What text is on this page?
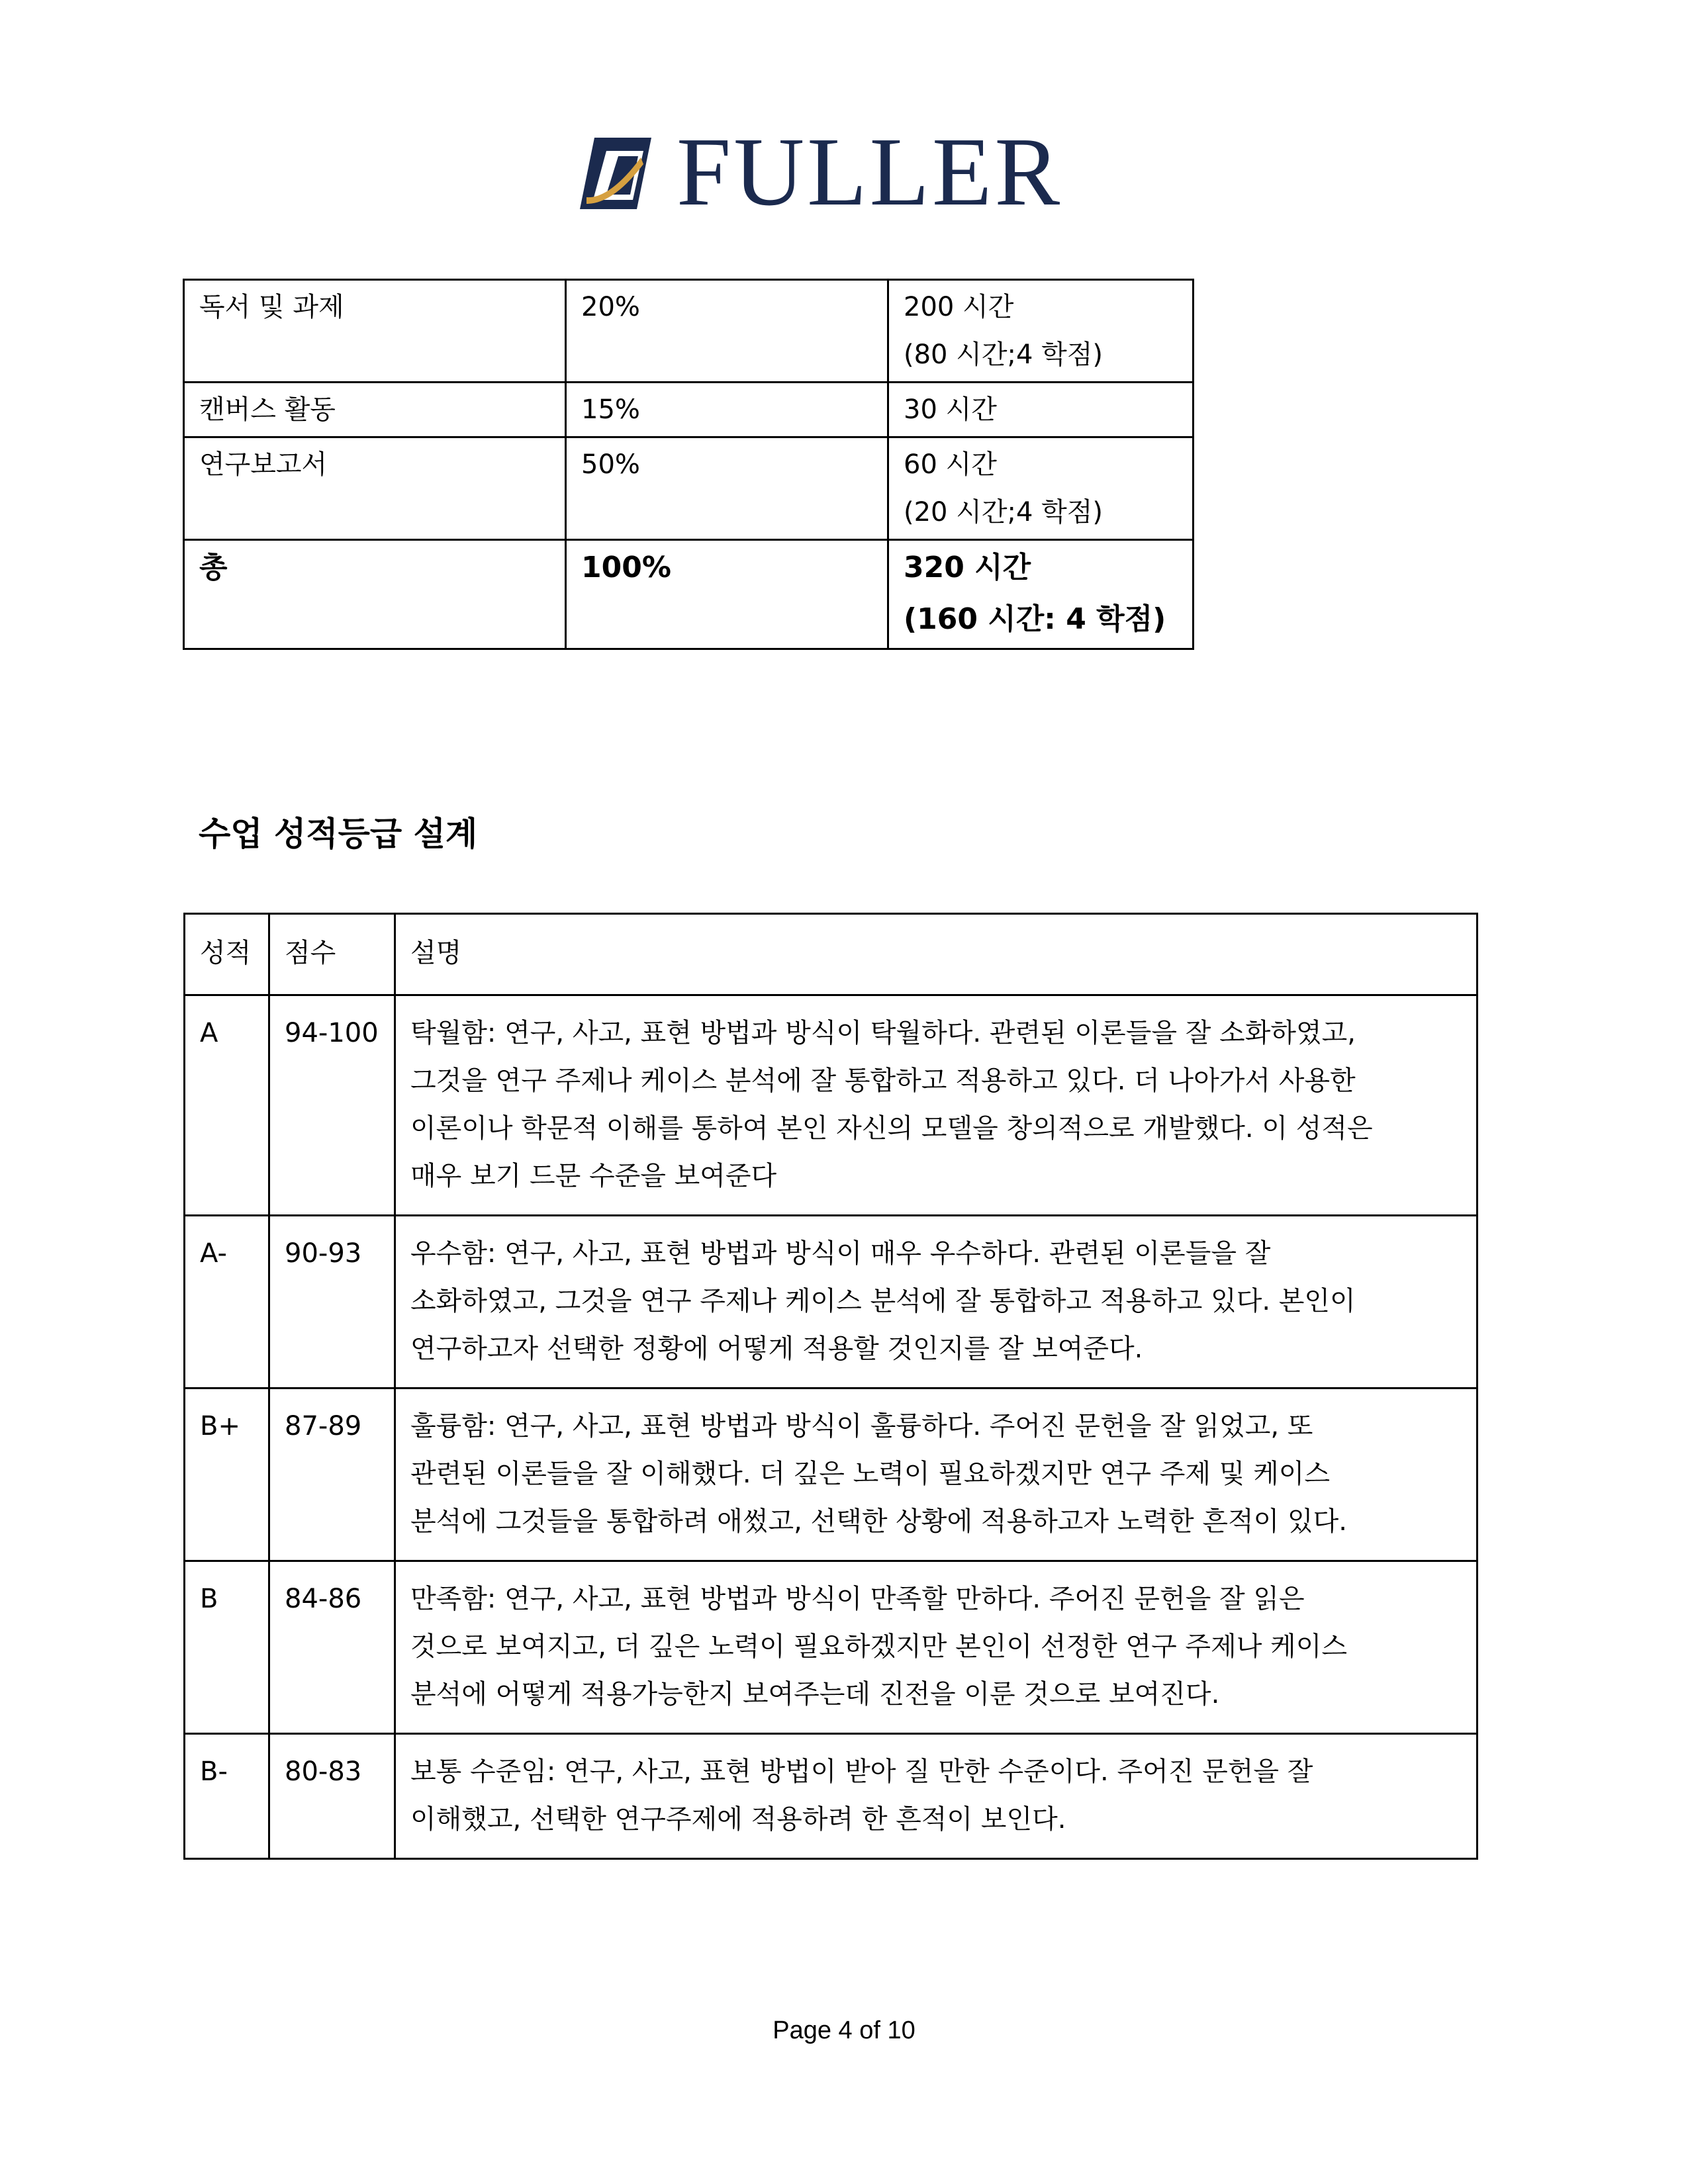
FULLER
독서 및 과제	20%	200 시간
(80 시간;4 학점)

캔버스 활동	15%	30 시간

연구보고서	50%	60 시간
(20 시간;4 학점)

총	100%	320 시간
(160 시간: 4 학점)
수업 성적등급 설계
성적	점수	설명
A	94-100	탁월함: 연구, 사고, 표현 방법과 방식이 탁월하다. 관련된 이론들을 잘 소화하였고,
그것을 연구 주제나 케이스 분석에 잘 통합하고 적용하고 있다. 더 나아가서 사용한
이론이나 학문적 이해를 통하여 본인 자신의 모델을 창의적으로 개발했다. 이 성적은
매우 보기 드문 수준을 보여준다

A-	90-93	우수함: 연구, 사고, 표현 방법과 방식이 매우 우수하다. 관련된 이론들을 잘
소화하였고, 그것을 연구 주제나 케이스 분석에 잘 통합하고 적용하고 있다. 본인이
연구하고자 선택한 정황에 어떻게 적용할 것인지를 잘 보여준다.

B+	87-89	훌륭함: 연구, 사고, 표현 방법과 방식이 훌륭하다. 주어진 문헌을 잘 읽었고, 또
관련된 이론들을 잘 이해했다. 더 깊은 노력이 필요하겠지만 연구 주제 및 케이스
분석에 그것들을 통합하려 애썼고, 선택한 상황에 적용하고자 노력한 흔적이 있다.

B	84-86	만족함: 연구, 사고, 표현 방법과 방식이 만족할 만하다. 주어진 문헌을 잘 읽은
것으로 보여지고, 더 깊은 노력이 필요하겠지만 본인이 선정한 연구 주제나 케이스
분석에 어떻게 적용가능한지 보여주는데 진전을 이룬 것으로 보여진다.

B-	80-83	보통 수준임: 연구, 사고, 표현 방법이 받아 질 만한 수준이다. 주어진 문헌을 잘
이해했고, 선택한 연구주제에 적용하려 한 흔적이 보인다.
Page 4 of 10
